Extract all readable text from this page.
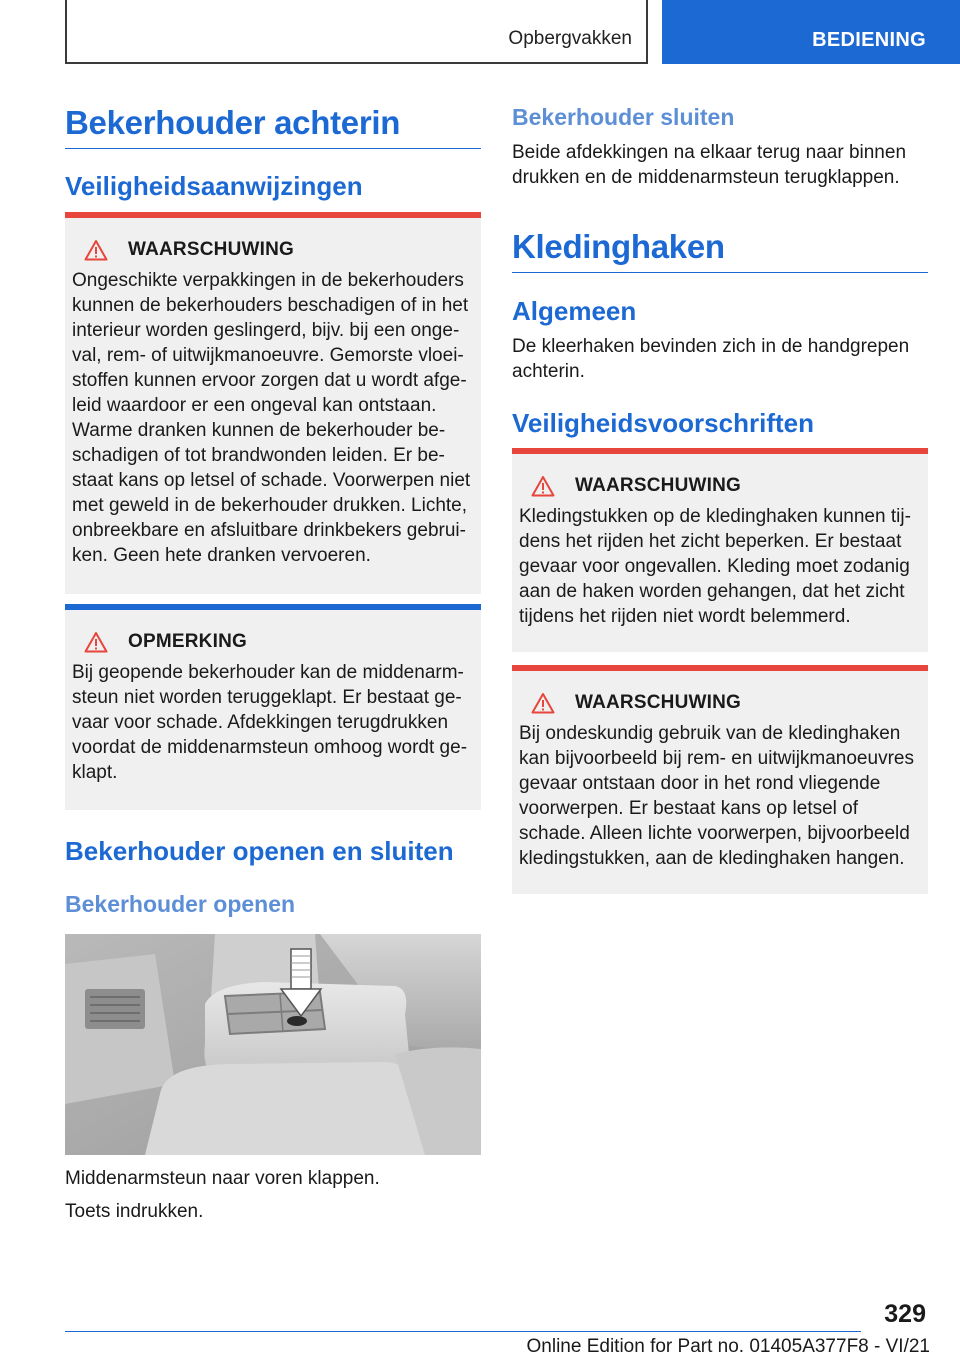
Opbergvakken	BEDIENING
Bekerhouder achterin
Veiligheidsaanwijzingen
WAARSCHUWING

Ongeschikte verpakkingen in de bekerhouders kunnen de bekerhouders beschadigen of in het interieur worden geslingerd, bijv. bij een ongeval, rem- of uitwijkmanoeuvre. Gemorste vloeistoffen kunnen ervoor zorgen dat u wordt afgeleid waardoor er een ongeval kan ontstaan. Warme dranken kunnen de bekerhouder beschadigen of tot brandwonden leiden. Er bestaat kans op letsel of schade. Voorwerpen niet met geweld in de bekerhouder drukken. Lichte, onbreekbare en afsluitbare drinkbekers gebruiken. Geen hete dranken vervoeren.

OPMERKING

Bij geopende bekerhouder kan de middenarmsteun niet worden teruggeklapt. Er bestaat gevaar voor schade. Afdekkingen terugdrukken voordat de middenarmsteun omhoog wordt geklapt.

Bekerhouder openen en sluiten
Bekerhouder openen

Middenarmsteun naar voren klappen.

Toets indrukken.

Bekerhouder sluiten

Beide afdekkingen na elkaar terug naar binnen drukken en de middenarmsteun terugklappen.

Kledinghaken
Algemeen

De kleerhaken bevinden zich in de handgrepen achterin.

Veiligheidsvoorschriften
WAARSCHUWING

Kledingstukken op de kledinghaken kunnen tijdens het rijden het zicht beperken. Er bestaat gevaar voor ongevallen. Kleding moet zodanig aan de haken worden gehangen, dat het zicht tijdens het rijden niet wordt belemmerd.

WAARSCHUWING

Bij ondeskundig gebruik van de kledinghaken kan bijvoorbeeld bij rem- en uitwijkmanoeuvres gevaar ontstaan door in het rond vliegende voorwerpen. Er bestaat kans op letsel of schade. Alleen lichte voorwerpen, bijvoorbeeld kledingstukken, aan de kledinghaken hangen.

329
Online Edition for Part no. 01405A377F8 - VI/21
